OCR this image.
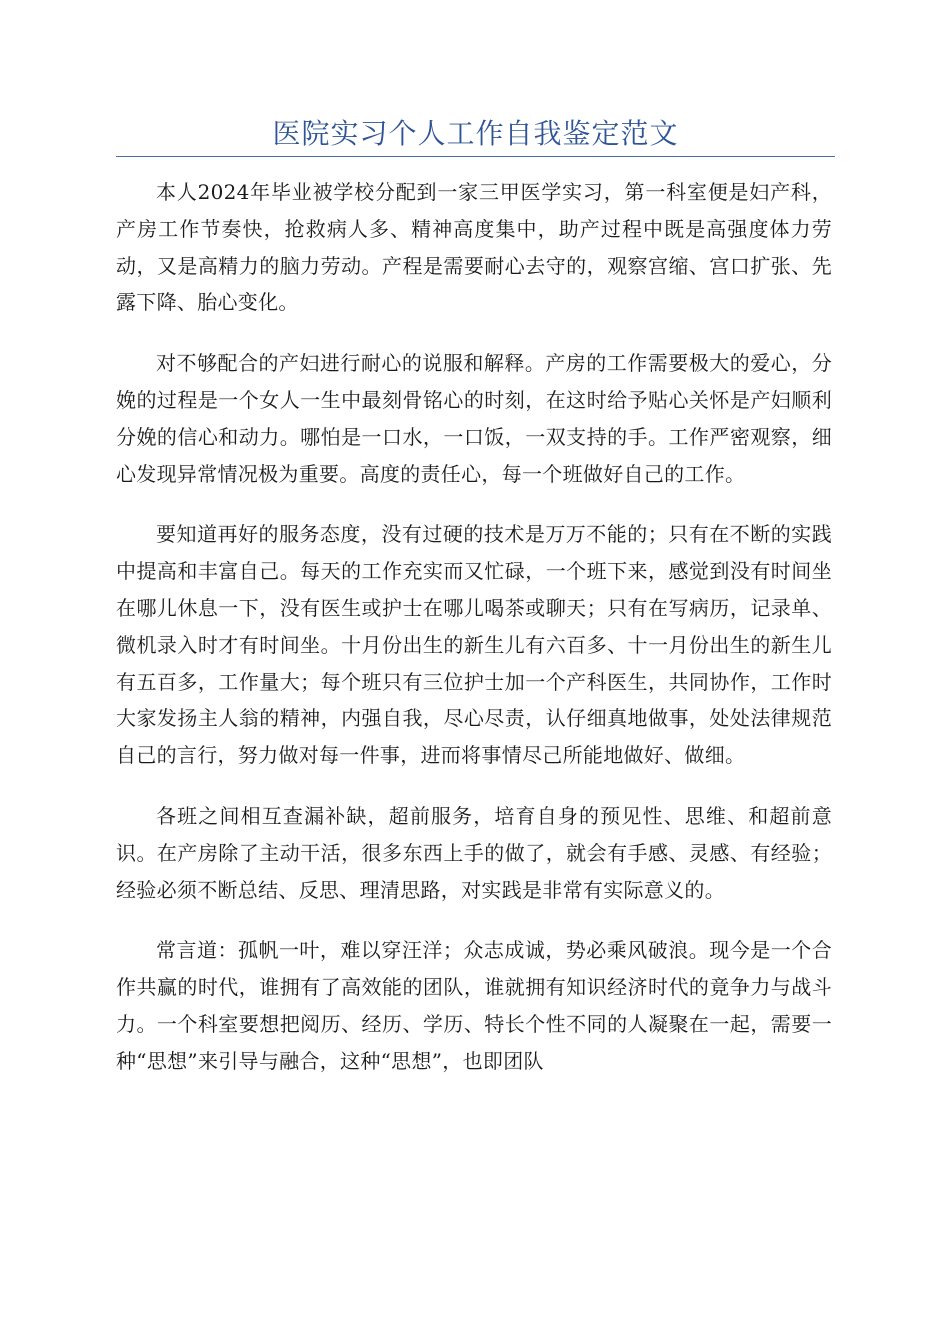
医院实习个人工作自我鉴定范文

本人2024年毕业被学校分配到一家三甲医学实习，第一科室便是妇产科，产房工作节奏快，抢救病人多、精神高度集中，助产过程中既是高强度体力劳动，又是高精力的脑力劳动。产程是需要耐心去守的，观察宫缩、宫口扩张、先露下降、胎心变化。

对不够配合的产妇进行耐心的说服和解释。产房的工作需要极大的爱心，分娩的过程是一个女人一生中最刻骨铭心的时刻，在这时给予贴心关怀是产妇顺利分娩的信心和动力。哪怕是一口水，一口饭，一双支持的手。工作严密观察，细心发现异常情况极为重要。高度的责任心，每一个班做好自己的工作。

要知道再好的服务态度，没有过硬的技术是万万不能的；只有在不断的实践中提高和丰富自己。每天的工作充实而又忙碌，一个班下来，感觉到没有时间坐在哪儿休息一下，没有医生或护士在哪儿喝茶或聊天；只有在写病历，记录单、微机录入时才有时间坐。十月份出生的新生儿有六百多、十一月份出生的新生儿有五百多，工作量大；每个班只有三位护士加一个产科医生，共同协作，工作时大家发扬主人翁的精神，内强自我，尽心尽责，认仔细真地做事，处处法律规范自己的言行，努力做对每一件事，进而将事情尽己所能地做好、做细。

各班之间相互查漏补缺，超前服务，培育自身的预见性、思维、和超前意识。在产房除了主动干活，很多东西上手的做了，就会有手感、灵感、有经验；经验必须不断总结、反思、理清思路，对实践是非常有实际意义的。

常言道：孤帆一叶，难以穿汪洋；众志成诚，势必乘风破浪。现今是一个合作共赢的时代，谁拥有了高效能的团队，谁就拥有知识经济时代的竟争力与战斗力。一个科室要想把阅历、经历、学历、特长个性不同的人凝聚在一起，需要一种“思想”来引导与融合，这种“思想”，也即团队
